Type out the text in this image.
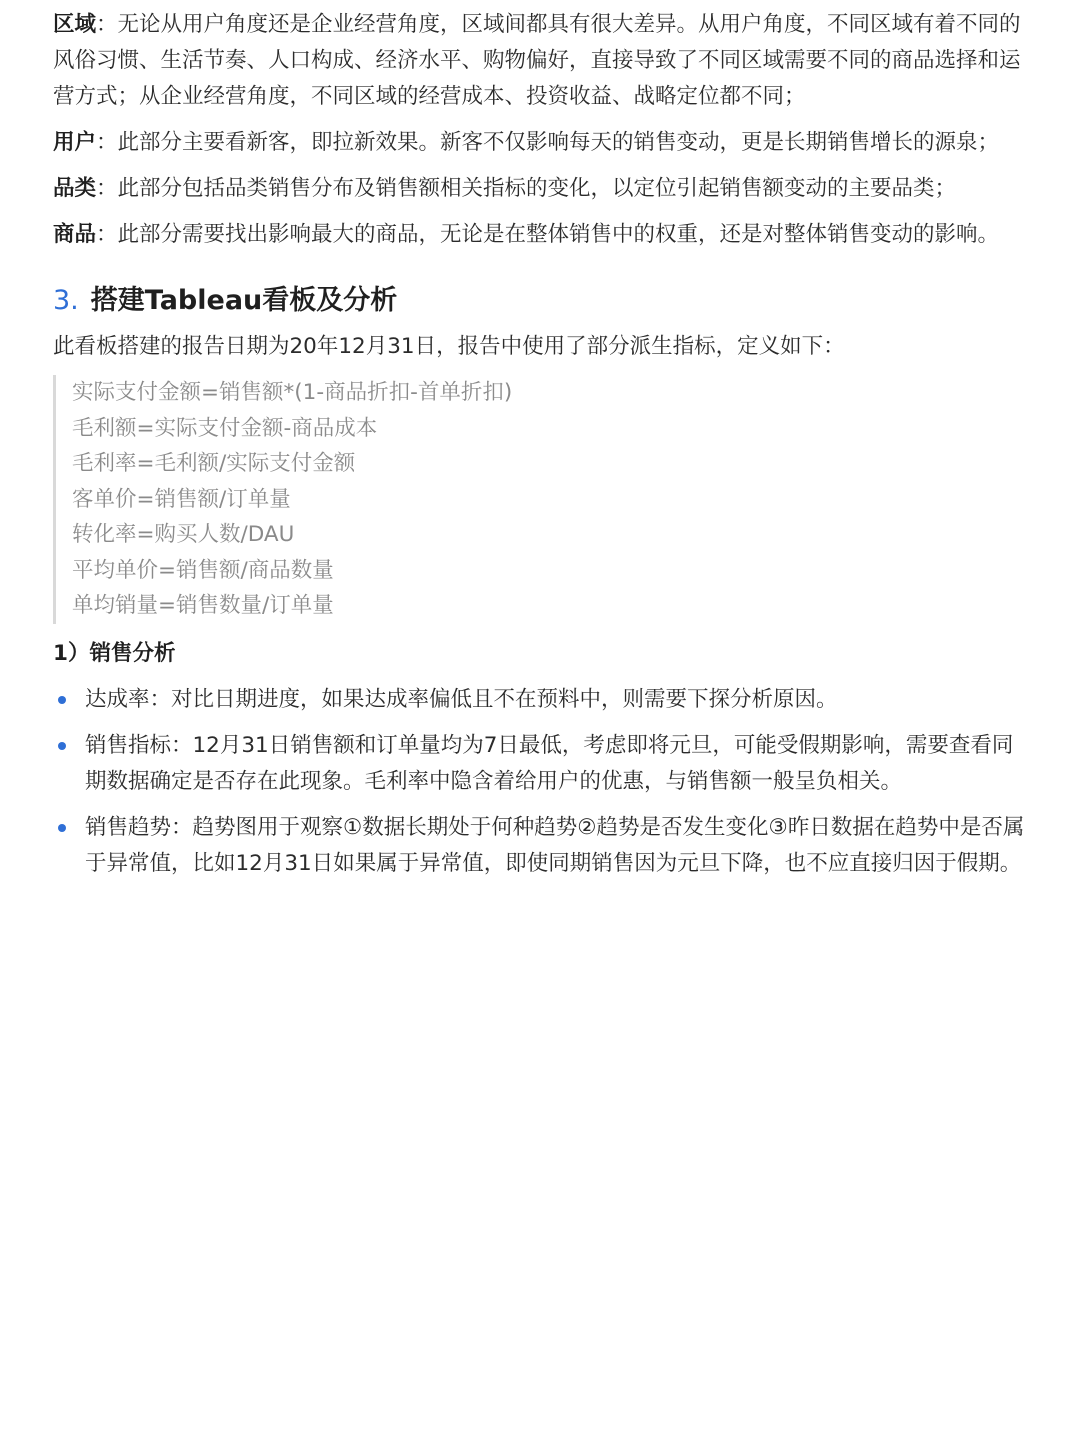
区域：无论从用户角度还是企业经营角度，区域间都具有很大差异。从用户角度，不同区域有着不同的风俗习惯、生活节奏、人口构成、经济水平、购物偏好，直接导致了不同区域需要不同的商品选择和运营方式；从企业经营角度，不同区域的经营成本、投资收益、战略定位都不同；

用户：此部分主要看新客，即拉新效果。新客不仅影响每天的销售变动，更是长期销售增长的源泉；

品类：此部分包括品类销售分布及销售额相关指标的变化，以定位引起销售额变动的主要品类；

商品：此部分需要找出影响最大的商品，无论是在整体销售中的权重，还是对整体销售变动的影响。

3. 搭建Tableau看板及分析

此看板搭建的报告日期为20年12月31日，报告中使用了部分派生指标，定义如下：

实际支付金额=销售额*(1-商品折扣-首单折扣)
毛利额=实际支付金额-商品成本
毛利率=毛利额/实际支付金额
客单价=销售额/订单量
转化率=购买人数/DAU
平均单价=销售额/商品数量
单均销量=销售数量/订单量
1）销售分析
达成率：对比日期进度，如果达成率偏低且不在预料中，则需要下探分析原因。
销售指标：12月31日销售额和订单量均为7日最低，考虑即将元旦，可能受假期影响，需要查看同期数据确定是否存在此现象。毛利率中隐含着给用户的优惠，与销售额一般呈负相关。
销售趋势：趋势图用于观察①数据长期处于何种趋势②趋势是否发生变化③昨日数据在趋势中是否属于异常值，比如12月31日如果属于异常值，即使同期销售因为元旦下降，也不应直接归因于假期。
